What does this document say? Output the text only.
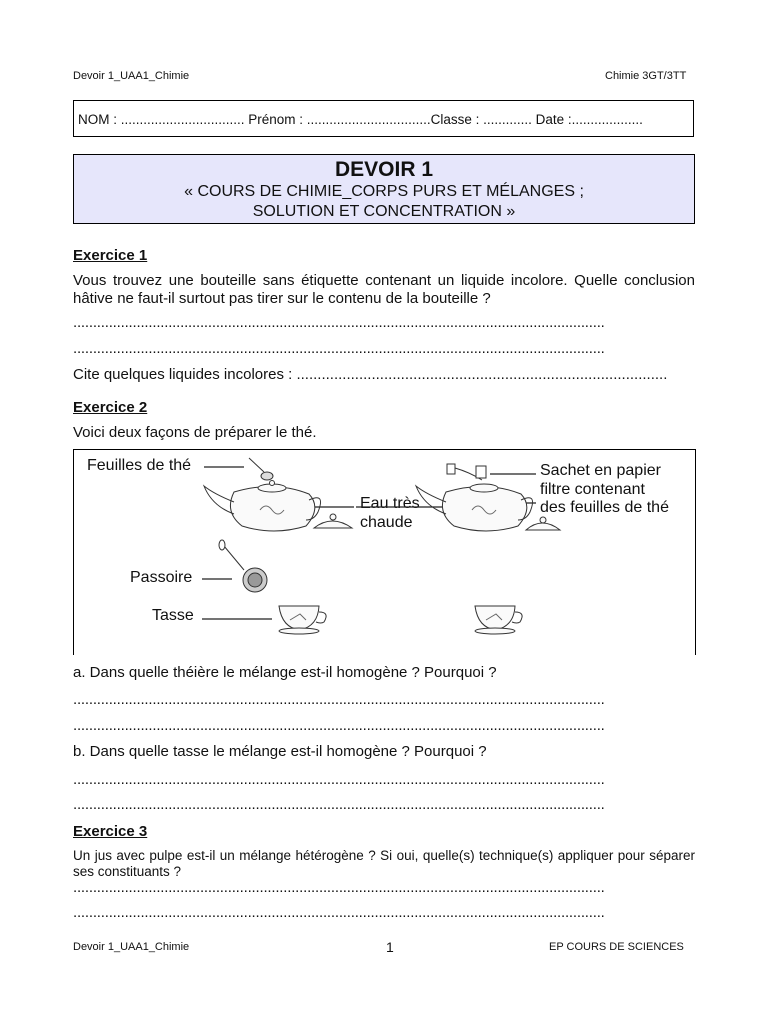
Devoir 1_UAA1_Chimie	Chimie 3GT/3TT
NOM : ................................. Prénom : .................................Classe : ............. Date :...................
DEVOIR 1
« COURS DE CHIMIE_CORPS PURS ET MÉLANGES ;
SOLUTION ET CONCENTRATION »
Exercice 1
Vous trouvez une bouteille sans étiquette contenant un liquide incolore. Quelle conclusion hâtive ne faut-il surtout pas tirer sur le contenu de la bouteille ?
......................................................................................................................................
......................................................................................................................................
Cite quelques liquides incolores : .........................................................................................
Exercice 2
Voici deux façons de préparer le thé.
Feuilles de thé
Eau très
chaude
Sachet en papier
filtre contenant
des feuilles de thé
Passoire
Tasse
a. Dans quelle théière le mélange est-il homogène ? Pourquoi ?
......................................................................................................................................
......................................................................................................................................
b. Dans quelle tasse le mélange est-il homogène ? Pourquoi ?
......................................................................................................................................
......................................................................................................................................
Exercice 3
Un jus avec pulpe est-il un mélange hétérogène ? Si oui, quelle(s) technique(s) appliquer pour séparer ses constituants ?
......................................................................................................................................
......................................................................................................................................
Devoir 1_UAA1_Chimie	1	EP COURS DE SCIENCES
